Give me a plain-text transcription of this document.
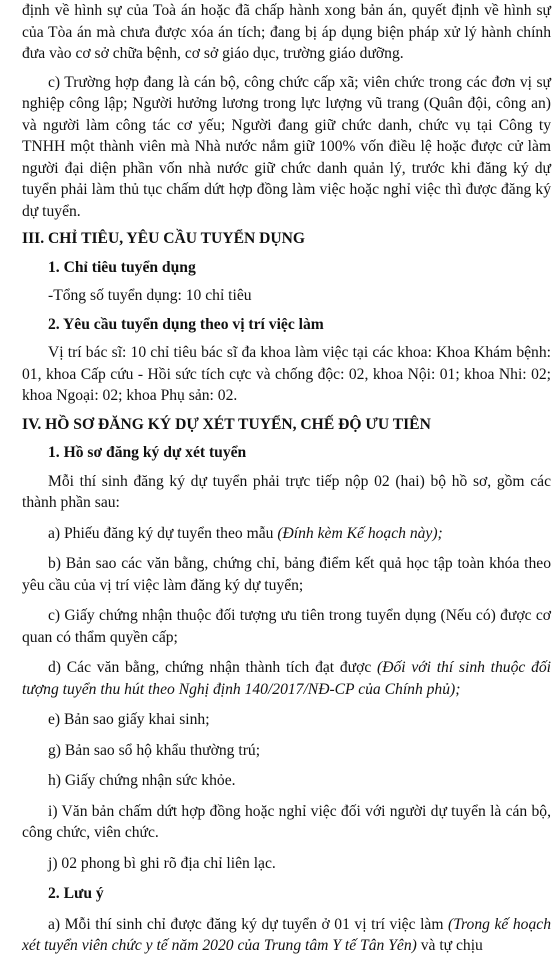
định về hình sự của Toà án hoặc đã chấp hành xong bản án, quyết định về hình sự của Tòa án mà chưa được xóa án tích; đang bị áp dụng biện pháp xử lý hành chính đưa vào cơ sở chữa bệnh, cơ sở giáo dục, trường giáo dưỡng.

c) Trường hợp đang là cán bộ, công chức cấp xã; viên chức trong các đơn vị sự nghiệp công lập; Người hưởng lương trong lực lượng vũ trang (Quân đội, công an) và người làm công tác cơ yếu; Người đang giữ chức danh, chức vụ tại Công ty TNHH một thành viên mà Nhà nước nắm giữ 100% vốn điều lệ hoặc được cử làm người đại diện phần vốn nhà nước giữ chức danh quản lý, trước khi đăng ký dự tuyển phải làm thủ tục chấm dứt hợp đồng làm việc hoặc nghỉ việc thì được đăng ký dự tuyển.

III. CHỈ TIÊU, YÊU CẦU TUYỂN DỤNG
1. Chỉ tiêu tuyển dụng

-Tổng số tuyển dụng: 10 chỉ tiêu

2. Yêu cầu tuyển dụng theo vị trí việc làm

Vị trí bác sĩ: 10 chỉ tiêu bác sĩ đa khoa làm việc tại các khoa: Khoa Khám bệnh: 01, khoa Cấp cứu - Hồi sức tích cực và chống độc: 02, khoa Nội: 01; khoa Nhi: 02; khoa Ngoại: 02; khoa Phụ sản: 02.

IV. HỒ SƠ ĐĂNG KÝ DỰ XÉT TUYỂN, CHẾ ĐỘ ƯU TIÊN
1. Hồ sơ đăng ký dự xét tuyển

Mỗi thí sinh đăng ký dự tuyển phải trực tiếp nộp 02 (hai) bộ hồ sơ, gồm các thành phần sau:

a) Phiếu đăng ký dự tuyển theo mẫu (Đính kèm Kế hoạch này);

b) Bản sao các văn bằng, chứng chỉ, bảng điểm kết quả học tập toàn khóa theo yêu cầu của vị trí việc làm đăng ký dự tuyển;

c) Giấy chứng nhận thuộc đối tượng ưu tiên trong tuyển dụng (Nếu có) được cơ quan có thẩm quyền cấp;

d) Các văn bằng, chứng nhận thành tích đạt được (Đối với thí sinh thuộc đối tượng tuyển thu hút theo Nghị định 140/2017/NĐ-CP của Chính phủ);

e) Bản sao giấy khai sinh;

g) Bản sao sổ hộ khẩu thường trú;

h) Giấy chứng nhận sức khỏe.

i) Văn bản chấm dứt hợp đồng hoặc nghỉ việc đối với người dự tuyển là cán bộ, công chức, viên chức.

j) 02 phong bì ghi rõ địa chỉ liên lạc.

2. Lưu ý

a) Mỗi thí sinh chỉ được đăng ký dự tuyển ở 01 vị trí việc làm (Trong kế hoạch xét tuyển viên chức y tế năm 2020 của Trung tâm Y tế Tân Yên) và tự chịu
